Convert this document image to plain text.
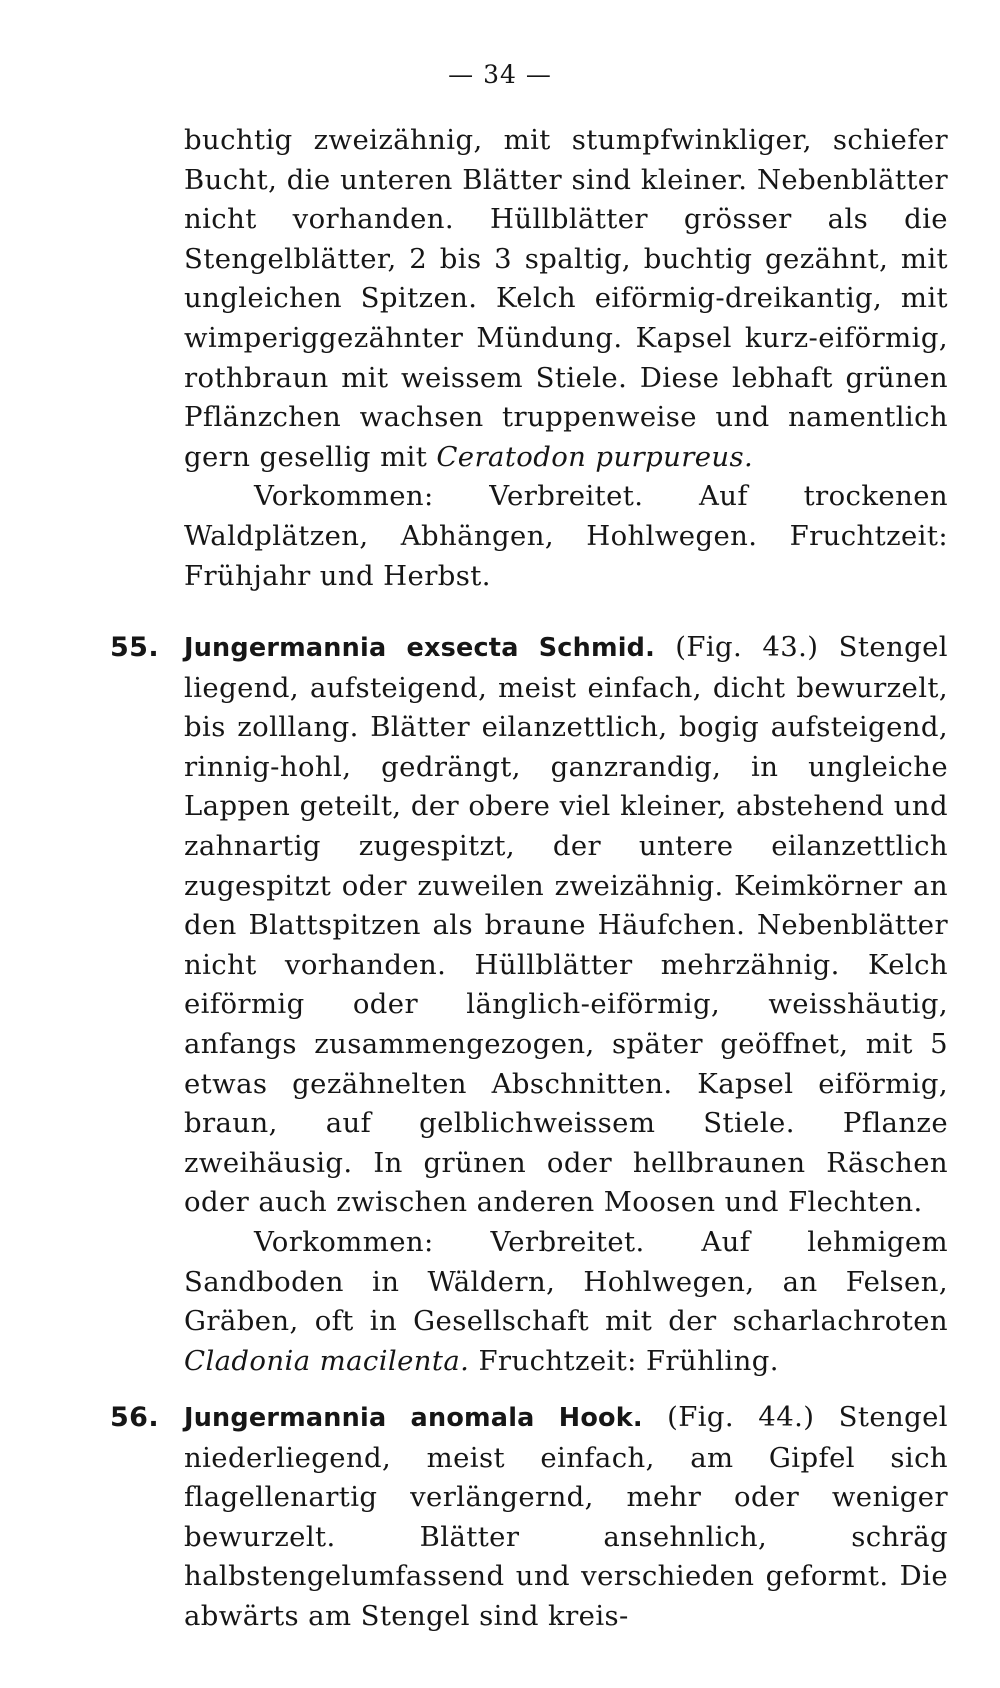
— 34 —

buchtig zweizähnig, mit stumpfwinkliger, schiefer Bucht, die unteren Blätter sind kleiner. Nebenblätter nicht vorhanden. Hüllblätter grösser als die Stengelblätter, 2 bis 3 spaltig, buchtig gezähnt, mit ungleichen Spitzen. Kelch eiförmig-dreikantig, mit wimperiggezähnter Mündung. Kapsel kurz-eiförmig, rothbraun mit weissem Stiele. Diese lebhaft grünen Pflänzchen wachsen truppenweise und namentlich gern gesellig mit Ceratodon purpureus.

Vorkommen: Verbreitet. Auf trockenen Waldplätzen, Abhängen, Hohlwegen. Fruchtzeit: Frühjahr und Herbst.

55. Jungermannia exsecta Schmid. (Fig. 43.) Stengel liegend, aufsteigend, meist einfach, dicht bewurzelt, bis zolllang. Blätter eilanzettlich, bogig aufsteigend, rinnig-hohl, gedrängt, ganzrandig, in ungleiche Lappen geteilt, der obere viel kleiner, abstehend und zahnartig zugespitzt, der untere eilanzettlich zugespitzt oder zuweilen zweizähnig. Keimkörner an den Blattspitzen als braune Häufchen. Nebenblätter nicht vorhanden. Hüllblätter mehrzähnig. Kelch eiförmig oder länglich-eiförmig, weisshäutig, anfangs zusammengezogen, später geöffnet, mit 5 etwas gezähnelten Abschnitten. Kapsel eiförmig, braun, auf gelblichweissem Stiele. Pflanze zweihäusig. In grünen oder hellbraunen Räschen oder auch zwischen anderen Moosen und Flechten.

Vorkommen: Verbreitet. Auf lehmigem Sandboden in Wäldern, Hohlwegen, an Felsen, Gräben, oft in Gesellschaft mit der scharlachroten Cladonia macilenta. Fruchtzeit: Frühling.

56. Jungermannia anomala Hook. (Fig. 44.) Stengel niederliegend, meist einfach, am Gipfel sich flagellenartig verlängernd, mehr oder weniger bewurzelt. Blätter ansehnlich, schräg halbstengelumfassend und verschieden geformt. Die abwärts am Stengel sind kreis-
